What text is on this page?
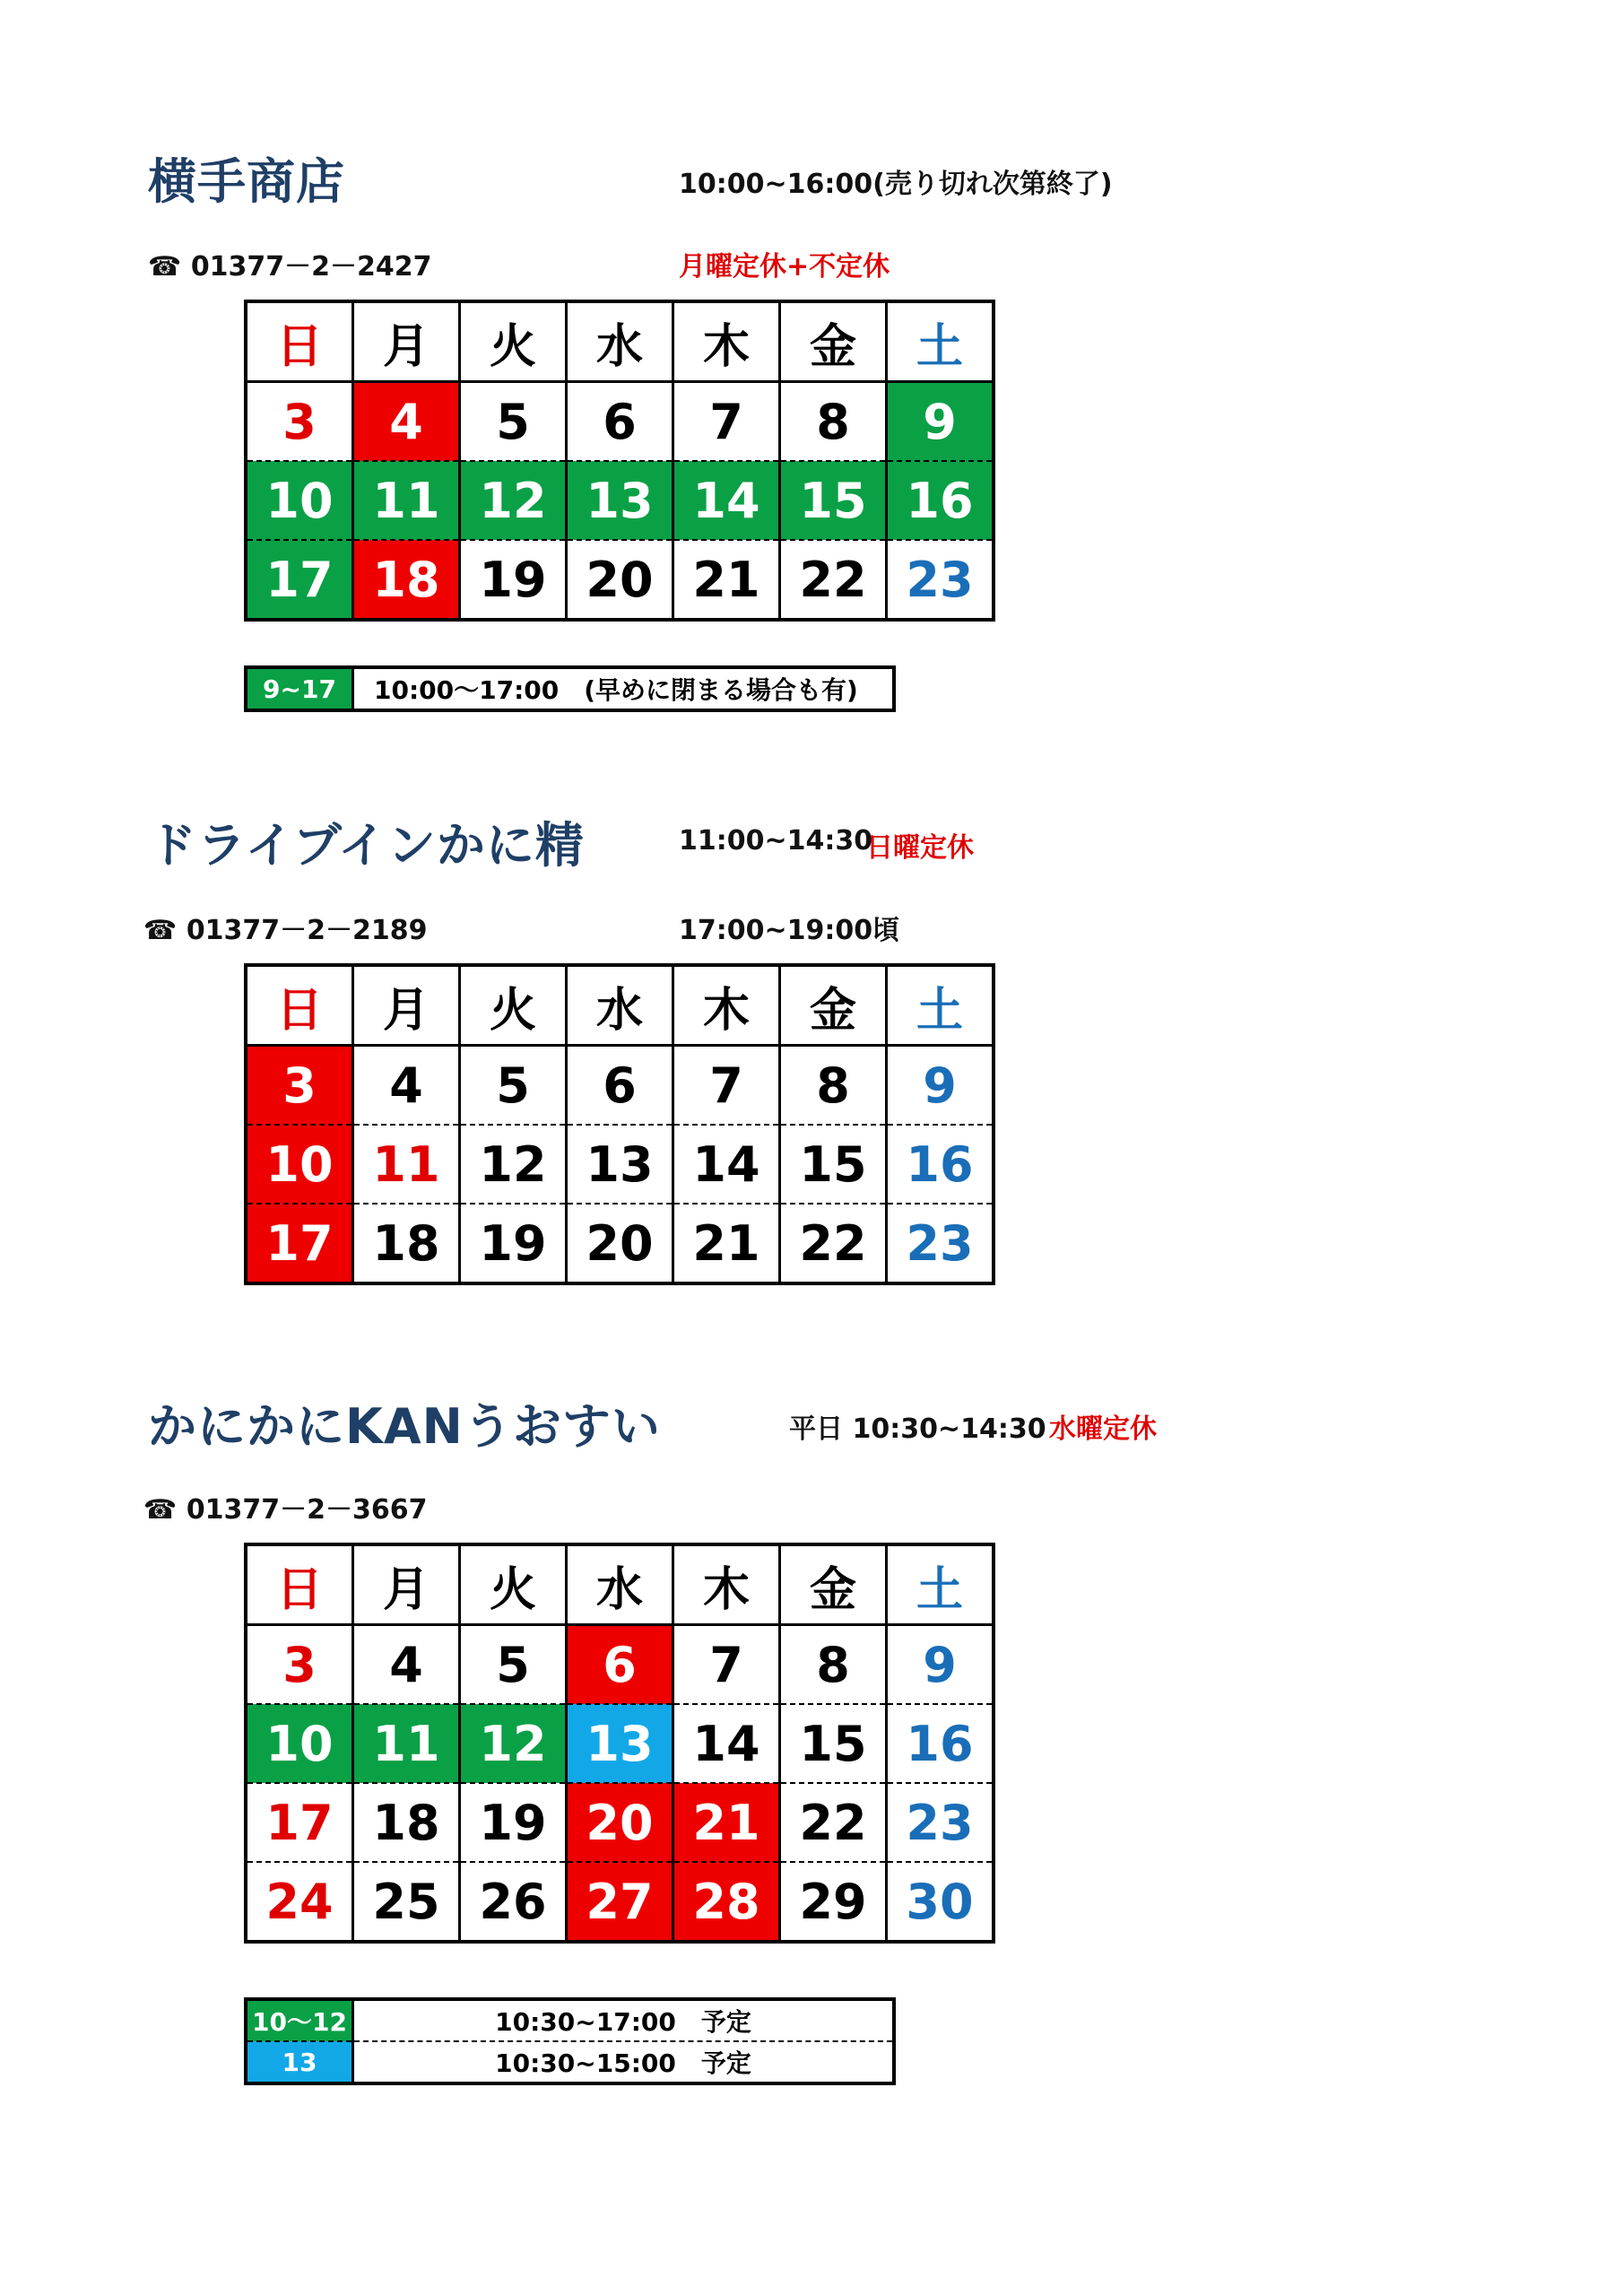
横手商店	10:00~16:00(売り切れ次第終了)
☎ 01377－2－2427	月曜定休+不定休
日	月	火	水	木	金	土
3	4	5	6	7	8	9
10	11	12	13	14	15	16
17	18	19	20	21	22	23
9~17	10:00～17:00　(早めに閉まる場合も有)
ドライブインかに精	11:00~14:30
日曜定休
☎ 01377－2－2189	17:00~19:00頃
日	月	火	水	木	金	土
3	4	5	6	7	8	9
10	11	12	13	14	15	16
17	18	19	20	21	22	23
かにかにKANうおすい	平日 10:30~14:30 水曜定休
☎ 01377－2－3667
日	月	火	水	木	金	土
3	4	5	6	7	8	9
10	11	12	13	14	15	16
17	18	19	20	21	22	23
24	25	26	27	28	29	30
10～12	10:30~17:00　予定
13	10:30~15:00　予定
